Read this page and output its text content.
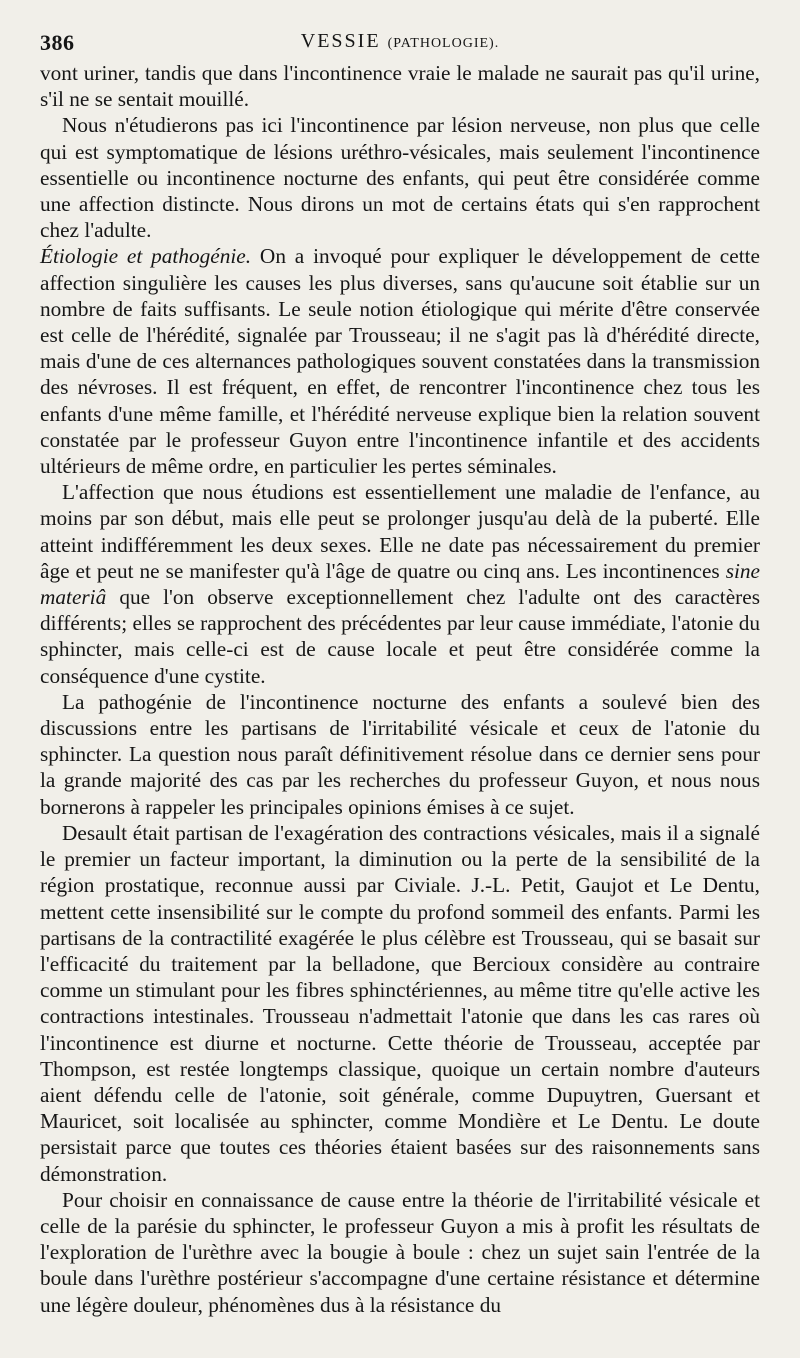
386	VESSIE (PATHOLOGIE).

vont uriner, tandis que dans l'incontinence vraie le malade ne saurait pas qu'il urine, s'il ne se sentait mouillé.

Nous n'étudierons pas ici l'incontinence par lésion nerveuse, non plus que celle qui est symptomatique de lésions uréthro-vésicales, mais seulement l'incontinence essentielle ou incontinence nocturne des enfants, qui peut être considérée comme une affection distincte. Nous dirons un mot de certains états qui s'en rapprochent chez l'adulte.

Étiologie et pathogénie. On a invoqué pour expliquer le développement de cette affection singulière les causes les plus diverses, sans qu'aucune soit établie sur un nombre de faits suffisants. Le seule notion étiologique qui mérite d'être conservée est celle de l'hérédité, signalée par Trousseau; il ne s'agit pas là d'hérédité directe, mais d'une de ces alternances pathologiques souvent constatées dans la transmission des névroses. Il est fréquent, en effet, de rencontrer l'incontinence chez tous les enfants d'une même famille, et l'hérédité nerveuse explique bien la relation souvent constatée par le professeur Guyon entre l'incontinence infantile et des accidents ultérieurs de même ordre, en particulier les pertes séminales.

L'affection que nous étudions est essentiellement une maladie de l'enfance, au moins par son début, mais elle peut se prolonger jusqu'au delà de la puberté. Elle atteint indifféremment les deux sexes. Elle ne date pas nécessairement du premier âge et peut ne se manifester qu'à l'âge de quatre ou cinq ans. Les incontinences sine materiâ que l'on observe exceptionnellement chez l'adulte ont des caractères différents; elles se rapprochent des précédentes par leur cause immédiate, l'atonie du sphincter, mais celle-ci est de cause locale et peut être considérée comme la conséquence d'une cystite.

La pathogénie de l'incontinence nocturne des enfants a soulevé bien des discussions entre les partisans de l'irritabilité vésicale et ceux de l'atonie du sphincter. La question nous paraît définitivement résolue dans ce dernier sens pour la grande majorité des cas par les recherches du professeur Guyon, et nous nous bornerons à rappeler les principales opinions émises à ce sujet.

Desault était partisan de l'exagération des contractions vésicales, mais il a signalé le premier un facteur important, la diminution ou la perte de la sensibilité de la région prostatique, reconnue aussi par Civiale. J.-L. Petit, Gaujot et Le Dentu, mettent cette insensibilité sur le compte du profond sommeil des enfants. Parmi les partisans de la contractilité exagérée le plus célèbre est Trousseau, qui se basait sur l'efficacité du traitement par la belladone, que Bercioux considère au contraire comme un stimulant pour les fibres sphinctériennes, au même titre qu'elle active les contractions intestinales. Trousseau n'admettait l'atonie que dans les cas rares où l'incontinence est diurne et nocturne. Cette théorie de Trousseau, acceptée par Thompson, est restée longtemps classique, quoique un certain nombre d'auteurs aient défendu celle de l'atonie, soit générale, comme Dupuytren, Guersant et Mauricet, soit localisée au sphincter, comme Mondière et Le Dentu. Le doute persistait parce que toutes ces théories étaient basées sur des raisonnements sans démonstration.

Pour choisir en connaissance de cause entre la théorie de l'irritabilité vésicale et celle de la parésie du sphincter, le professeur Guyon a mis à profit les résultats de l'exploration de l'urèthre avec la bougie à boule : chez un sujet sain l'entrée de la boule dans l'urèthre postérieur s'accompagne d'une certaine résistance et détermine une légère douleur, phénomènes dus à la résistance du
